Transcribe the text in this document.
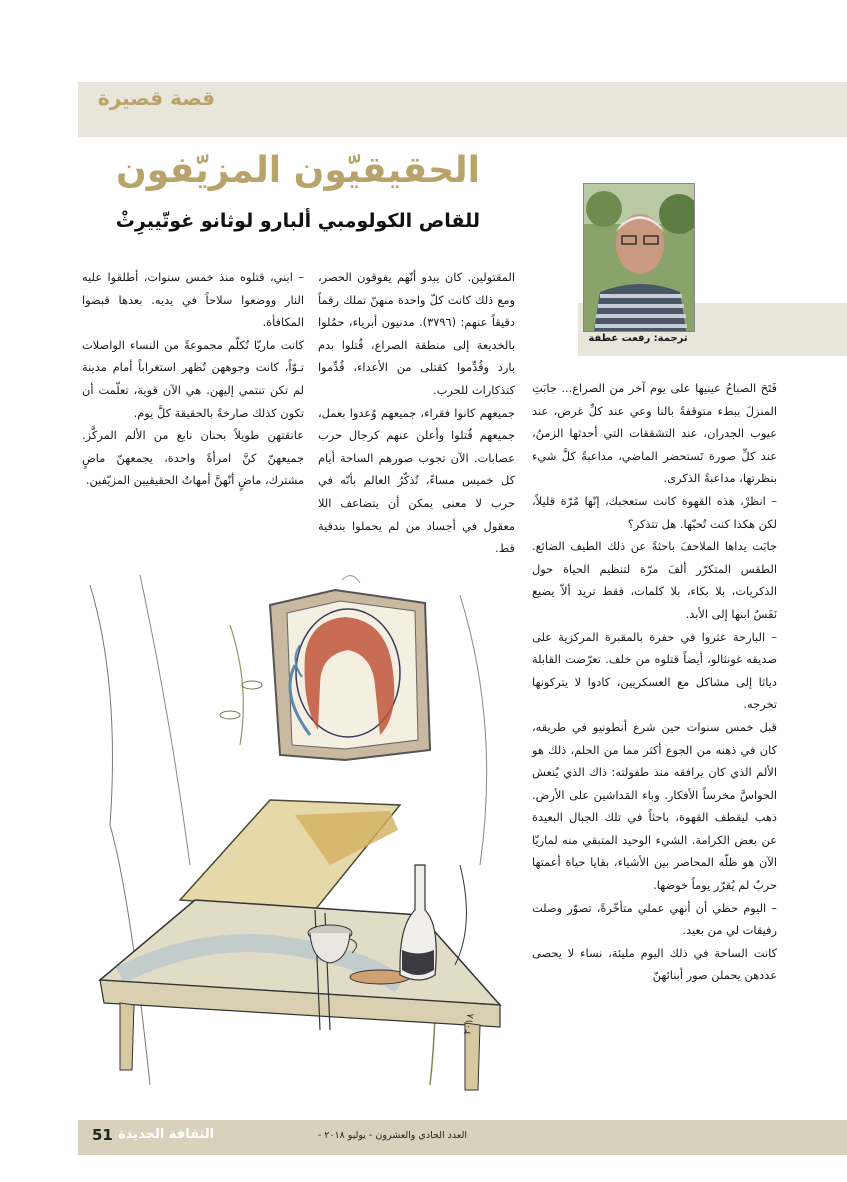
قصة قصيرة
الحقيقيّون المزيّفون
للقاص الكولومبي ألبارو لوثانو غوتّييرِثْ
ترجمة: رفعت عطفة

فَتَحَ الصباحُ عينيها على يوم آخر من الصراع... جابَتِ المنزلَ ببطء متوقفةً بالنا وعي عند كلِّ غرض، عند عيوب الجدران، عند التشققات التي أحدثها الزمنُ، عند كلِّ صورة تَستحضر الماضي، مداعبةً كلَّ شيء بنظرتها، مداعبةً الذكرى.

– انظرْ، هذه القهوة كانت ستعجبك، إنّها مُرّة قليلاً، لكن هكذا كنت تُحبّها. هل تتذكر؟

جابَت يداها الملاحفَ باحثةً عن ذلك الطيف الضائع. الطقس المتكرّر ألفَ مرّة لتنظيم الحياة حول الذكريات، بلا بكاء، بلا كلمات، فقط تريد ألاّ يضيع نَفَسُ ابنها إلى الأبد.

– البارحة عثروا في حفرة بالمقبرة المركزية على صديقه غونثالو، أيضاً قتلوه من خلف. تعرّضت القابلة دياثا إلى مشاكل مع العسكريين، كادوا لا يتركونها تخرجه.

قبل خمس سنوات حين شرع أنطونيو في طريقه، كان في ذهنه من الجوع أكثر مما من الحلم، ذلك هو الألم الذي كان يرافقه منذ طفولته: ذاك الذي يُنعش الحواسَّ مخرساً الأفكار. وباء المَداشين على الأرض. ذهب ليقطف القهوة، باحثاً في تلك الجبال البعيدة عن بعض الكرامة. الشيء الوحيد المتبقي منه لماريّا الآن هو ظلّه المحاصر بين الأشياء، بقايا حياة أعمتها حربٌ لم يُقرّر يوماً خوضها.

– اليوم حظي أن أنهي عملي متأخّرةً، تصوّر وصلت رفيقات لي من بعيد.

كانت الساحة في ذلك اليوم مليئة، نساء لا يحصى عددهن يحملن صور أبنائهنّ

المقتولين. كان يبدو أنّهم يفوقون الحصر، ومع ذلك كانت كلّ واحدة منهنّ تملك رقماً دقيقاً عنهم: (٣٧٩٦). مدنيون أبرياء، حمُلوا بالخديعة إلى منطقة الصراع، قُتلوا بدم بارد وقُدِّموا كقتلى من الأعداء، قُدِّموا كتذكارات للحرب.

جميعهم كانوا فقراء، جميعهم وُعدوا بعمل، جميعهم قُتلوا وأعلن عنهم كرجال حرب عصابات. الآن تجوب صورهم الساحة أيام كل خميس مساءً، تُذكّرُ العالم بأنّه في حرب لا معنى يمكن أن يتضاعف اللا معقول في أجساد من لم يحملوا بندقية قط.

– ابني، قتلوه منذ خمس سنوات، أطلقوا عليه النار ووضعوا سلاحاً في يديه. بعدها قبضوا المكافأة.

كانت ماريّا تُكلّم مجموعةً من النساء الواصلات تـوّاً، كانت وجوههن تُظهر استغراباً أمام مدينة لم تكن تنتمي إليهن. هي الآن قوية، تعلّمت أن تكون كذلك صارخةً بالحقيقة كلَّ يوم.

عانقتهن طويلاً بحنان نابع من الألم المركَّز. جميعهنّ كنَّ امرأةً واحدة، يجمعهنّ ماضٍ مشترك، ماضٍ أنّهنَّ أمهاتُ الحقيقيين المزيّفين.

٢٠١٨
51 الثقافة الجديدة	العدد الحادي والعشرون - يوليو ٢٠١٨ -
